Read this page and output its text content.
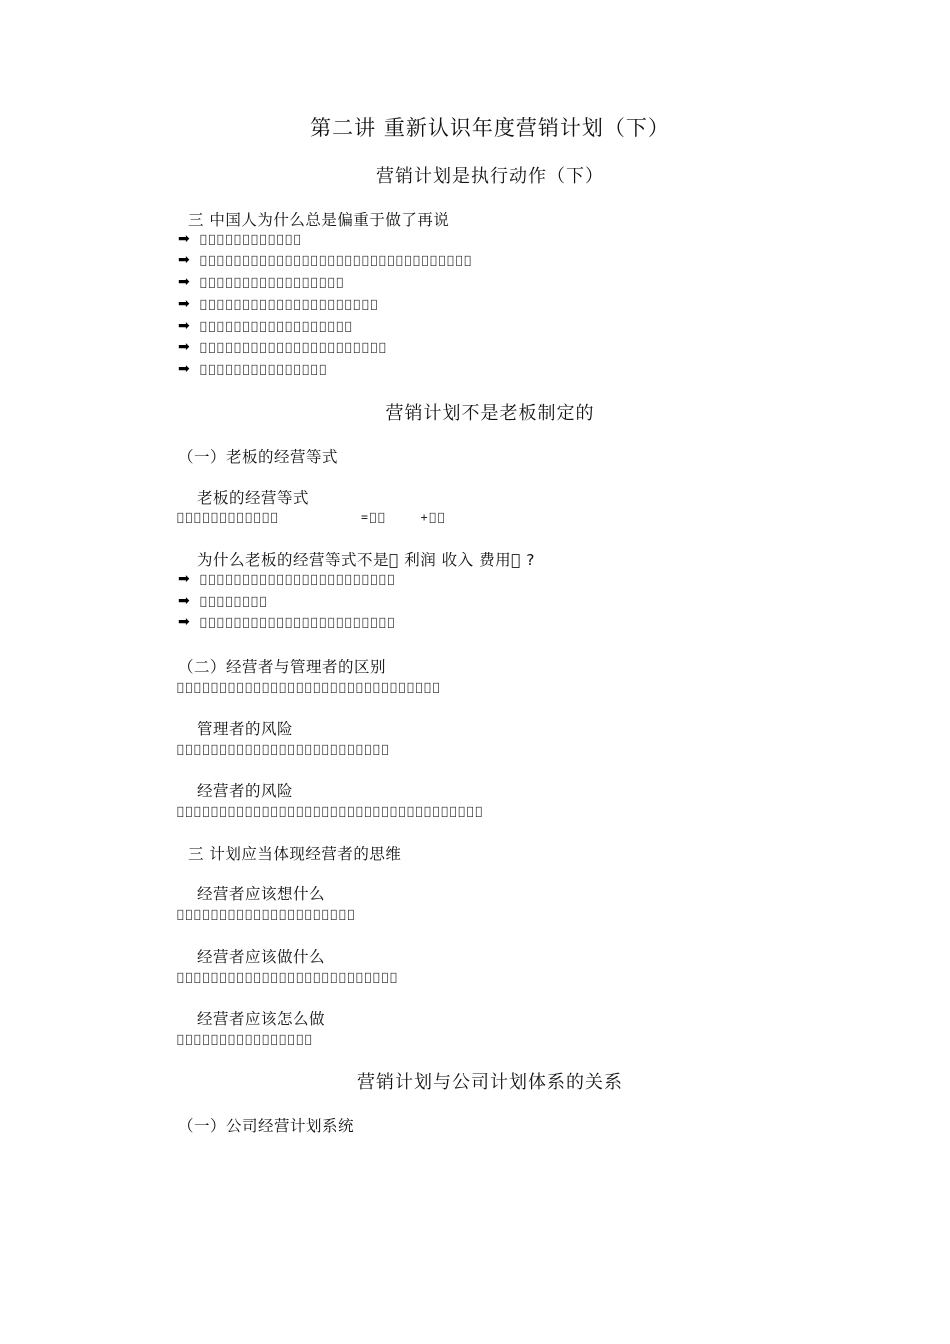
第二讲 重新认识年度营销计划（下）
营销计划是执行动作（下）
三 中国人为什么总是偏重于做了再说
➡
➡
➡
➡
➡
➡
➡
营销计划不是老板制定的
（一）老板的经营等式
老板的经营等式
	=      +
为什么老板的经营等式不是 利润 收入 费用 ?
➡
➡
➡
（二）经营者与管理者的区别

管理者的风险

经营者的风险

三 计划应当体现经营者的思维
经营者应该想什么

经营者应该做什么

经营者应该怎么做

营销计划与公司计划体系的关系
（一）公司经营计划系统
